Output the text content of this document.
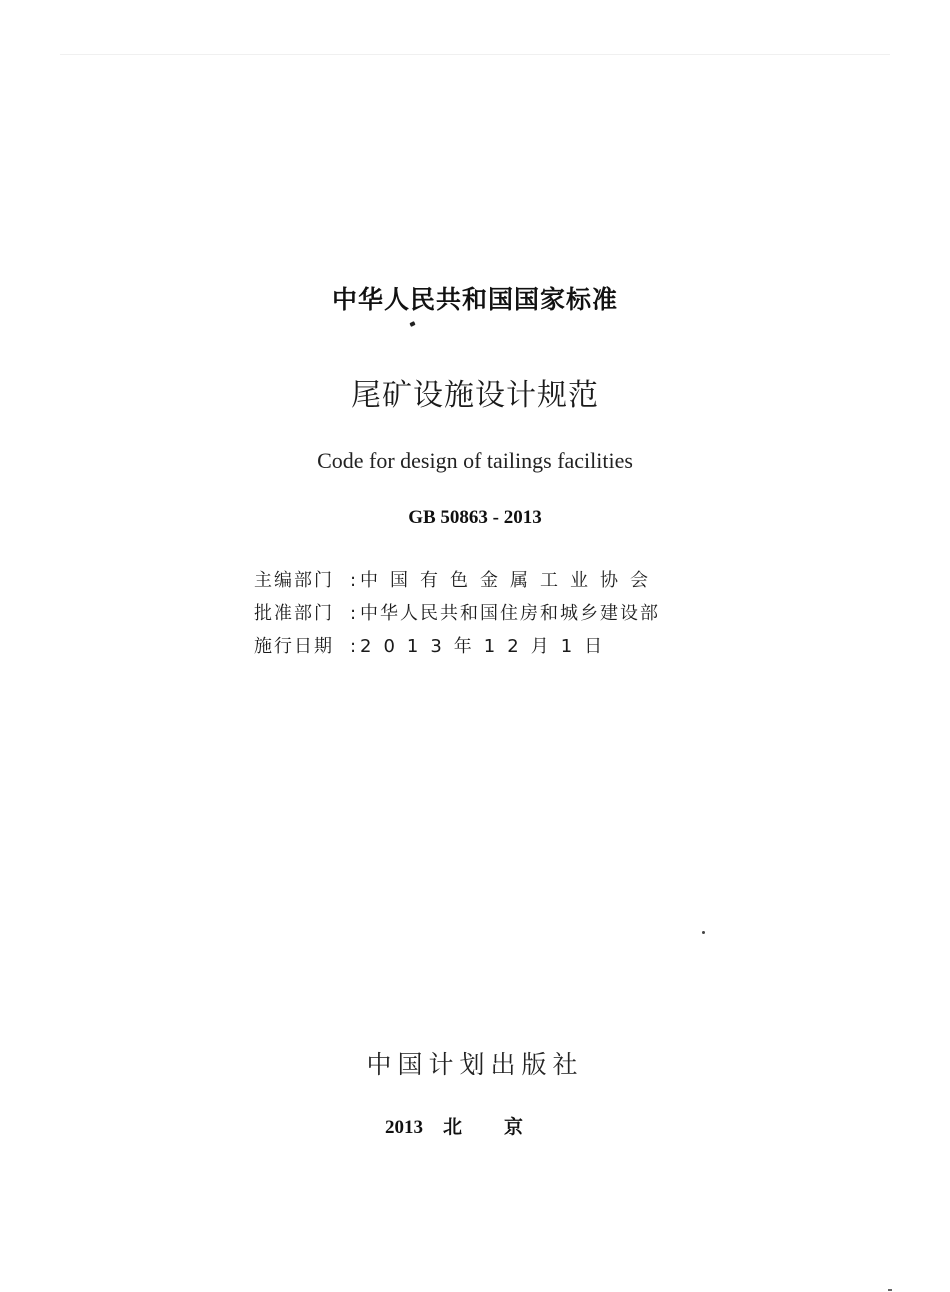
中华人民共和国国家标准
尾矿设施设计规范
Code for design of tailings facilities
GB 50863 - 2013
主编部门 : 中国有色金属工业协会
批准部门 : 中华人民共和国住房和城乡建设部
施行日期 : 2013年12月1日
中国计划出版社
2013 北京
